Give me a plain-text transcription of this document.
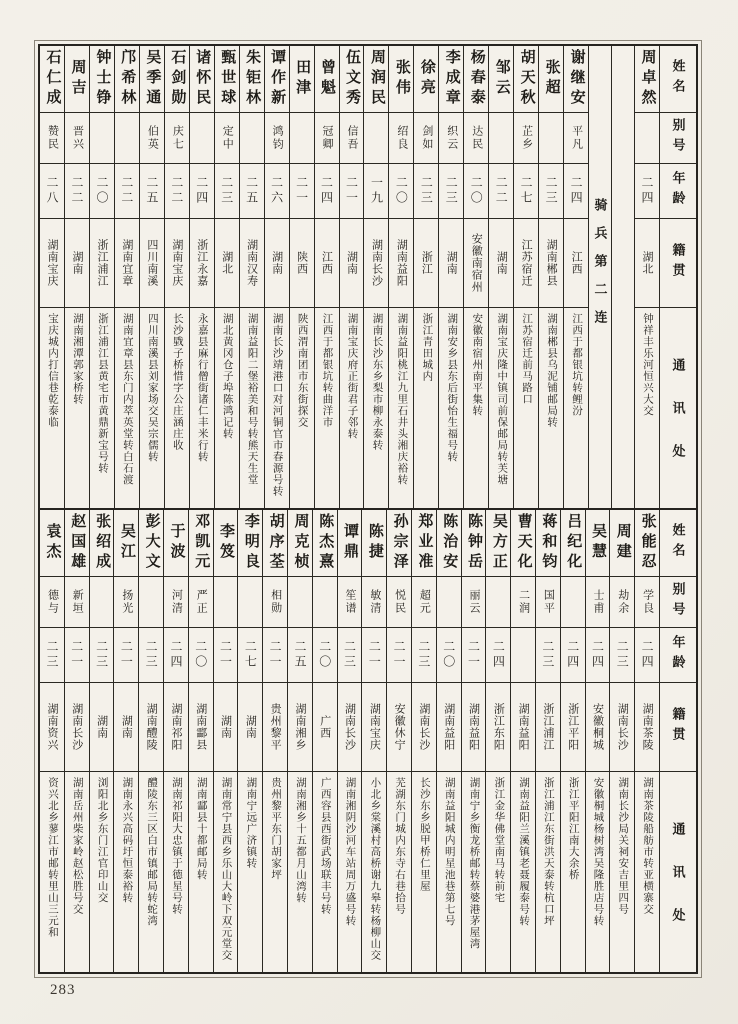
姓名
别号
年龄
籍贯
通讯处
周卓然
二四
湖北
钟祥丰乐河恒兴大交
骑兵第二连
谢继安
平凡
二四
江西
江西于都银坑转鲤汾
张超
二三
湖南郴县
湖南郴县乌泥铺邮局转
胡天秋
芷乡
二七
江苏宿迁
江苏宿迁前马路口
邹云
二二
湖南
湖南宝庆隆中镇司前保邮局转芙塘
杨春泰
达民
二〇
安徽南宿州
安徽南宿州南平集转
李成章
织云
二三
湖南
湖南安乡县东后街怡生福号转
徐亮
剑如
二三
浙江
浙江青田城内
张伟
绍良
二〇
湖南益阳
湖南益阳桃江九里石井头湘庆裕转
周润民
一九
湖南长沙
湖南长沙东乡梨市柳永泰转
伍文秀
信吾
二一
湖南
湖南宝庆府正街君子邻转
曾魁
冠卿
二四
江西
江西于都银坑转曲洋市
田津
二一
陕西
陕西渭南团市东街探交
谭作新
鸿钧
二六
湖南
湖南长沙靖港口对河铜官市春源号转
朱钜林
二五
湖南汉寿
湖南益阳二堡裕美和号转熊天生堂
甄世球
定中
二三
湖北
湖北黄冈仓子埠陈鸿记转
诸怀民
二四
浙江永嘉
永嘉县麻行僧街诸仁丰米行转
石剑勋
庆七
二二
湖南宝庆
长沙戥子桥惜字公庄涵庄收
吴季通
伯英
二五
四川南溪
四川南溪县刘家场交吴宗儒转
邝希林
二二
湖南宜章
湖南宜章县东门内萃英堂转白石渡
钟士铮
二〇
浙江浦江
浙江浦江县黄宅市黄鼎新宝号转
周吉
晋兴
二二
湖南
湖南湘潭郭家桥转
石仁成
赞民
二八
湖南宝庆
宝庆城内打信巷乾泰临
姓名
别号
年龄
籍贯
通讯处
张能忍
学良
二四
湖南茶陵
湖南茶陵船舫市转亚横寨交
周建
劫余
二三
湖南长沙
湖南长沙局关祠安吉里四号
吴慧
士甫
二四
安徽桐城
安徽桐城杨树湾吴隆胜店号转
吕纪化
二四
浙江平阳
浙江平阳江南大余桥
蒋和钧
国平
二三
浙江浦江
浙江浦江东街洪天泰转杭口坪
曹天化
二润
湖南益阳
湖南益阳兰溪镇老聂履泰号转
吴方正
二四
浙江东阳
浙江金华佛堂南马转前宅
陈钟岳
丽云
二一
湖南益阳
湖南宁乡衡龙桥邮转蔡婆港茅屋湾
陈治安
二〇
湖南益阳
湖南益阳城内明星池巷第七号
郑业准
超元
二三
湖南长沙
长沙东乡脱甲桥仁里屋
孙宗泽
悦民
二一
安徽休宁
芜湖东门城内东寺右巷拾号
陈捷
敏清
二一
湖南宝庆
小北乡棠溪村高桥谢九皋转杨柳山交
谭鼎
笙谱
二三
湖南长沙
湖南湘阴沙河车站周万盛号转
陈杰熹
二〇
广西
广西容县西街武场联丰号转
周克桢
二五
湖南湘乡
湖南湘乡十五都月山湾转
胡序荃
相勋
二一
贵州黎平
贵州黎平东门胡家坪
李明良
二七
湖南
湖南宁远广济镇转
李笈
二一
湖南
湖南常宁县西乡乐山大岭下双元堂交
邓凯元
严正
二〇
湖南酃县
湖南酃县十都邮局转
于波
河清
二四
湖南祁阳
湖南祁阳大忠镇于德星号转
彭大文
二三
湖南醴陵
醴陵东三区白市镇邮局转蛇湾
吴江
扬光
二一
湖南
湖南永兴高码圩恒泰裕转
张绍成
二三
湖南
浏阳北乡东门江官印山交
赵国雄
新垣
二一
湖南长沙
湖南岳州柴家岭赵松胜号交
袁杰
德与
二三
湖南资兴
资兴北乡蓼江市邮转里山三元和
283
